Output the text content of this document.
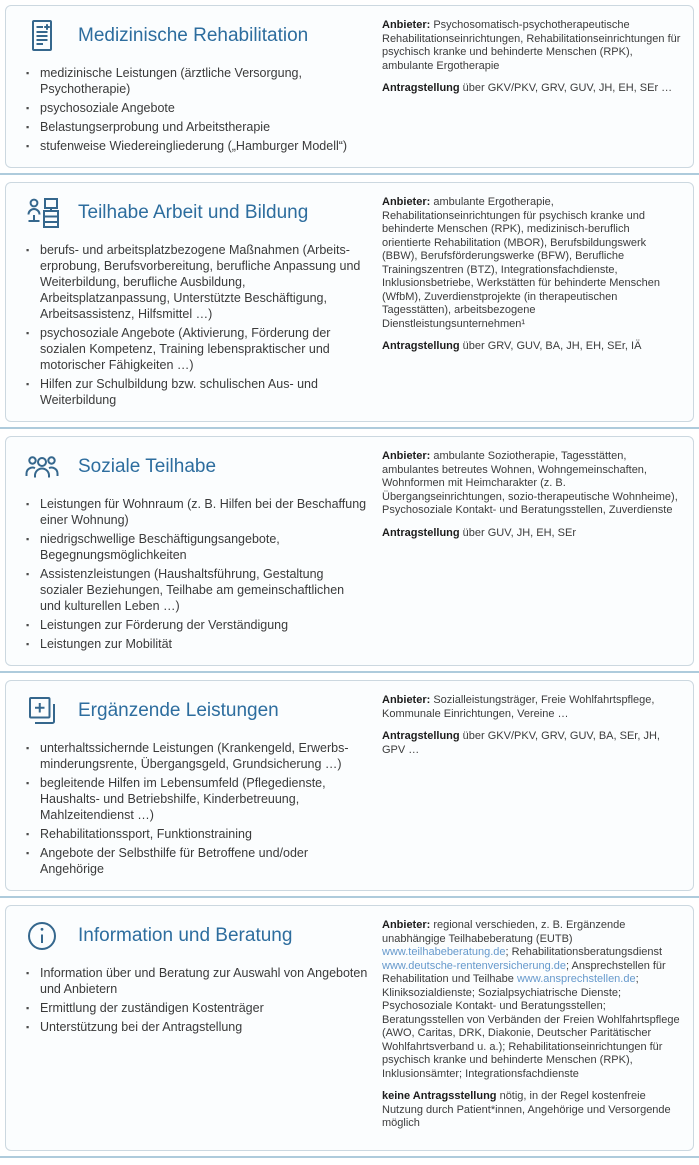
Medizinische Rehabilitation
▪ medizinische Leistungen (ärztliche Versorgung, Psychotherapie)
▪ psychosoziale Angebote
▪ Belastungserprobung und Arbeitstherapie
▪ stufenweise Wiedereingliederung („Hamburger Modell“)

Anbieter: Psychosomatisch-psychotherapeutische Rehabilitationseinrichtungen, Rehabilitationseinrichtungen für psychisch kranke und behinderte Menschen (RPK), ambulante Ergotherapie

Antragstellung über GKV/PKV, GRV, GUV, JH, EH, SEr …

Teilhabe Arbeit und Bildung
▪ berufs- und arbeitsplatzbezogene Maßnahmen (Arbeitserprobung, Berufsvorbereitung, berufliche Anpassung und Weiterbildung, berufliche Ausbildung, Arbeitsplatzanpassung, Unterstützte Beschäftigung, Arbeitsassistenz, Hilfsmittel …)
▪ psychosoziale Angebote (Aktivierung, Förderung der sozialen Kompetenz, Training lebenspraktischer und motorischer Fähigkeiten …)
▪ Hilfen zur Schulbildung bzw. schulischen Aus- und Weiterbildung

Anbieter: ambulante Ergotherapie, Rehabilitationseinrichtungen für psychisch kranke und behinderte Menschen (RPK), medizinisch-beruflich orientierte Rehabilitation (MBOR), Berufsbildungswerk (BBW), Berufsförderungswerke (BFW), Berufliche Trainingszentren (BTZ), Integrationsfachdienste, Inklusionsbetriebe, Werkstätten für behinderte Menschen (WfbM), Zuverdienstprojekte (in therapeutischen Tagesstätten), arbeitsbezogene Dienstleistungsunternehmen¹

Antragstellung über GRV, GUV, BA, JH, EH, SEr, IÄ

Soziale Teilhabe
▪ Leistungen für Wohnraum (z. B. Hilfen bei der Beschaffung einer Wohnung)
▪ niedrigschwellige Beschäftigungsangebote, Begegnungsmöglichkeiten
▪ Assistenzleistungen (Haushaltsführung, Gestaltung sozialer Beziehungen, Teilhabe am gemeinschaftlichen und kulturellen Leben …)
▪ Leistungen zur Förderung der Verständigung
▪ Leistungen zur Mobilität

Anbieter: ambulante Soziotherapie, Tagesstätten, ambulantes betreutes Wohnen, Wohngemeinschaften, Wohnformen mit Heimcharakter (z. B. Übergangseinrichtungen, sozio-therapeutische Wohnheime), Psychosoziale Kontakt- und Beratungsstellen, Zuverdienste

Antragstellung über GUV, JH, EH, SEr

Ergänzende Leistungen
▪ unterhaltssichernde Leistungen (Krankengeld, Erwerbsminderungsrente, Übergangsgeld, Grundsicherung …)
▪ begleitende Hilfen im Lebensumfeld (Pflegedienste, Haushalts- und Betriebshilfe, Kinderbetreuung, Mahlzeitendienst …)
▪ Rehabilitationssport, Funktionstraining
▪ Angebote der Selbsthilfe für Betroffene und/oder Angehörige

Anbieter: Sozialleistungsträger, Freie Wohlfahrtspflege, Kommunale Einrichtungen, Vereine …

Antragstellung über GKV/PKV, GRV, GUV, BA, SEr, JH, GPV …

Information und Beratung
▪ Information über und Beratung zur Auswahl von Angeboten und Anbietern
▪ Ermittlung der zuständigen Kostenträger
▪ Unterstützung bei der Antragstellung

Anbieter: regional verschieden, z. B. Ergänzende unabhängige Teilhabeberatung (EUTB) www.teilhabeberatung.de; Rehabilitationsberatungsdienst www.deutsche-rentenversicherung.de; Ansprechstellen für Rehabilitation und Teilhabe www.ansprechstellen.de; Kliniksozialdienste; Sozialpsychiatrische Dienste; Psychosoziale Kontakt- und Beratungsstellen; Beratungsstellen von Verbänden der Freien Wohlfahrtspflege (AWO, Caritas, DRK, Diakonie, Deutscher Paritätischer Wohlfahrtsverband u. a.); Rehabilitationseinrichtungen für psychisch kranke und behinderte Menschen (RPK), Inklusionsämter; Integrationsfachdienste

keine Antragsstellung nötig, in der Regel kostenfreie Nutzung durch Patient*innen, Angehörige und Versorgende möglich
